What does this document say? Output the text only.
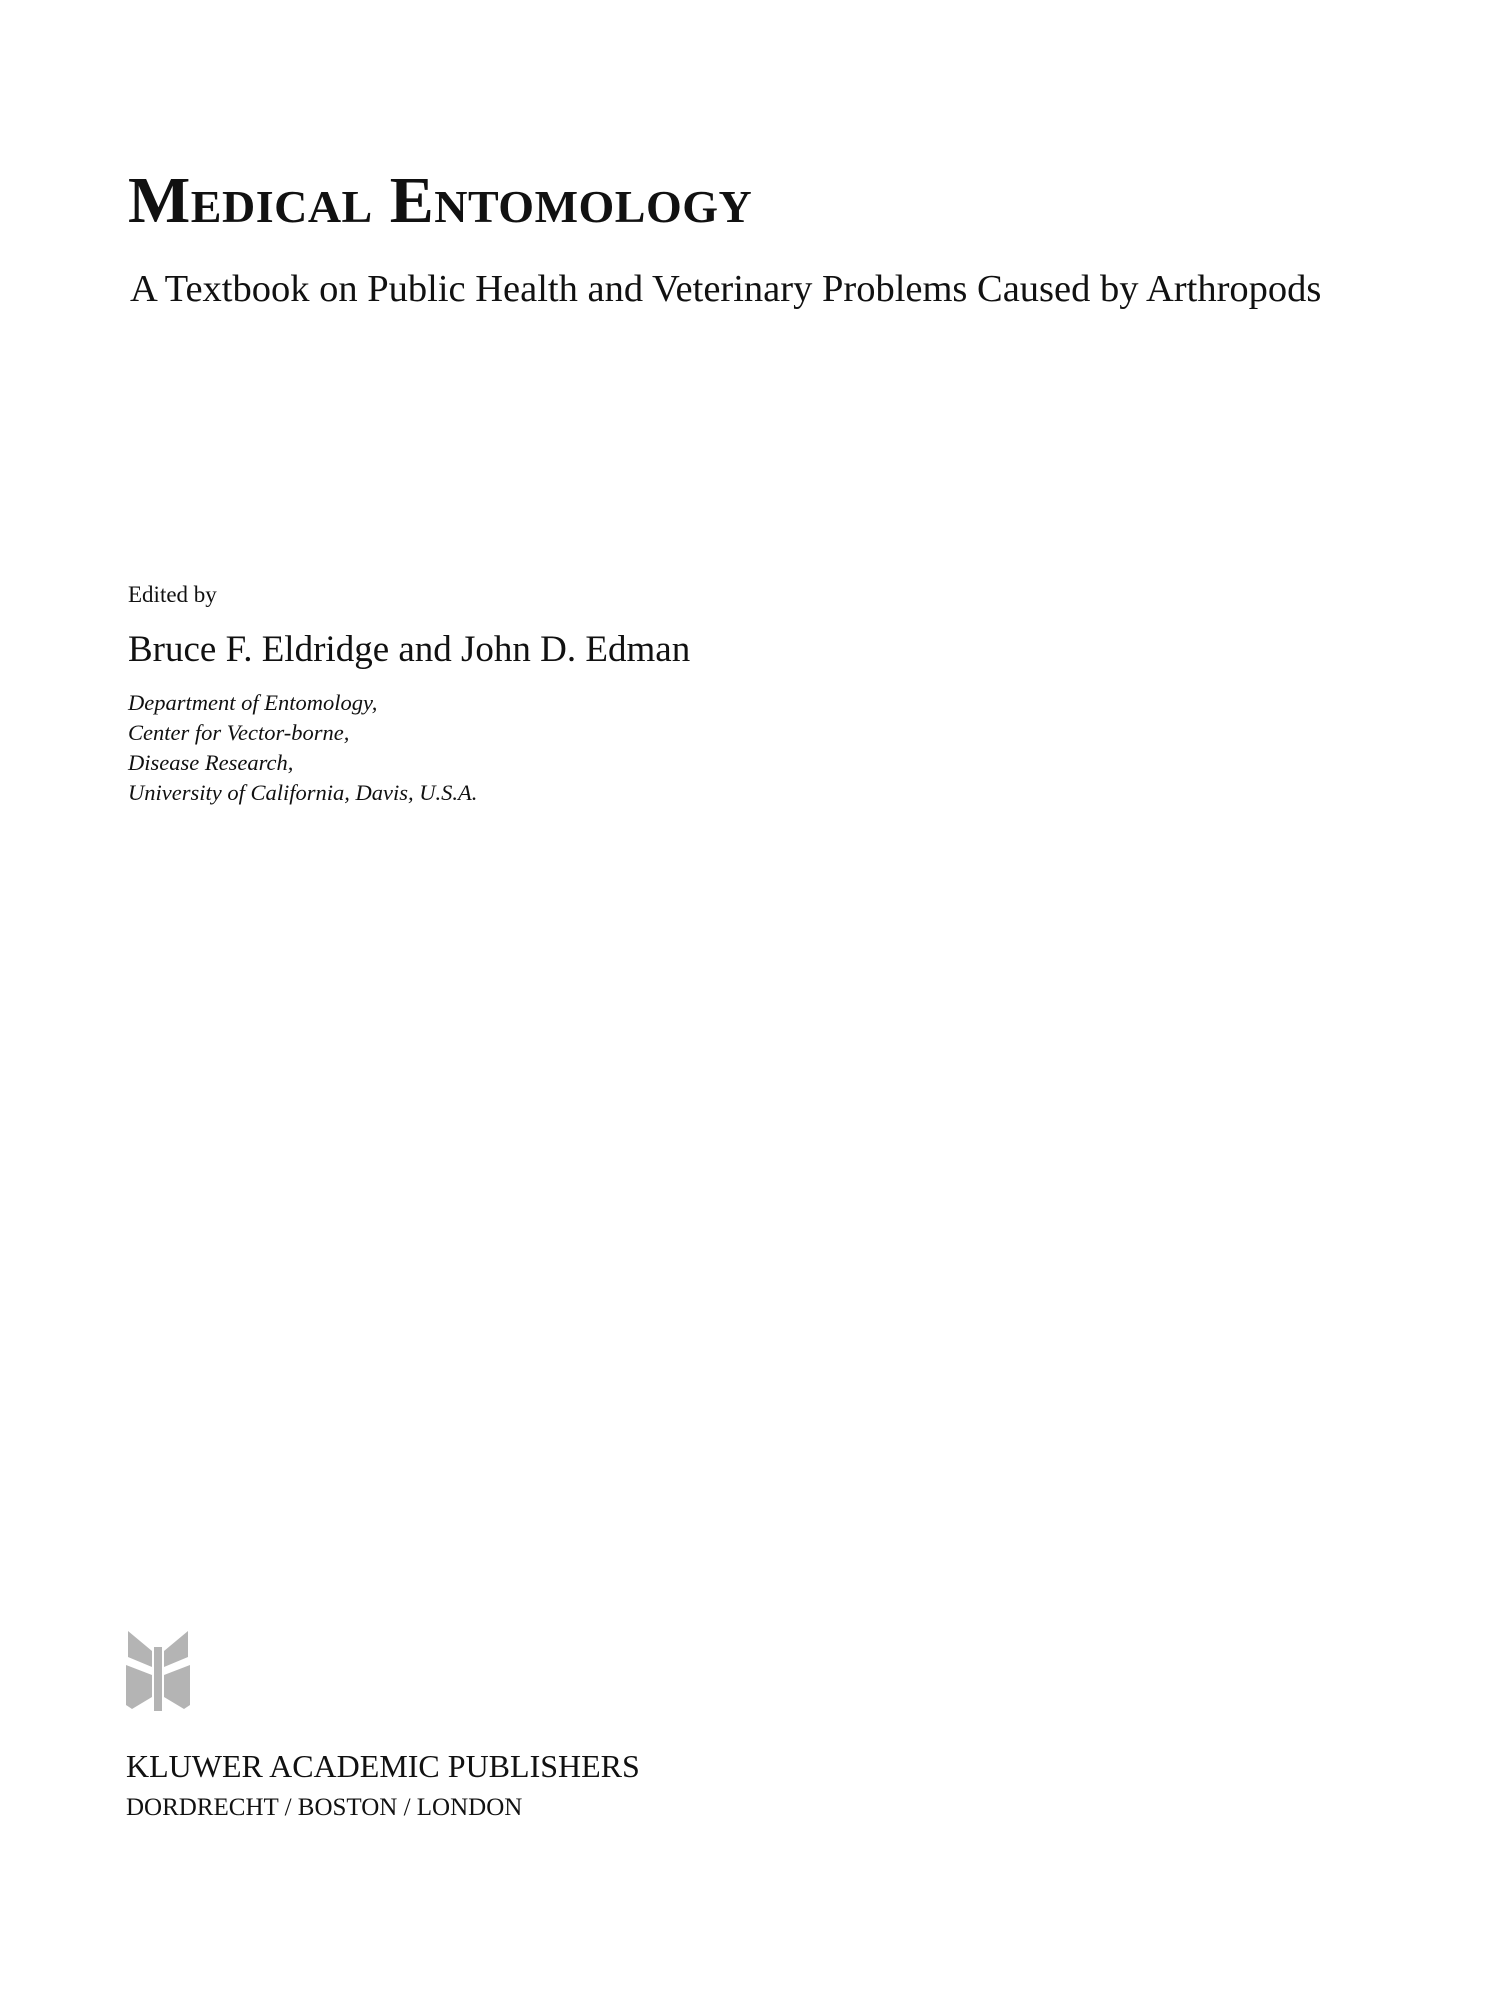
Medical Entomology
A Textbook on Public Health and Veterinary Problems Caused by Arthropods
Edited by
Bruce F. Eldridge and John D. Edman
Department of Entomology,
Center for Vector-borne,
Disease Research,
University of California, Davis, U.S.A.
KLUWER ACADEMIC PUBLISHERS
DORDRECHT / BOSTON / LONDON
